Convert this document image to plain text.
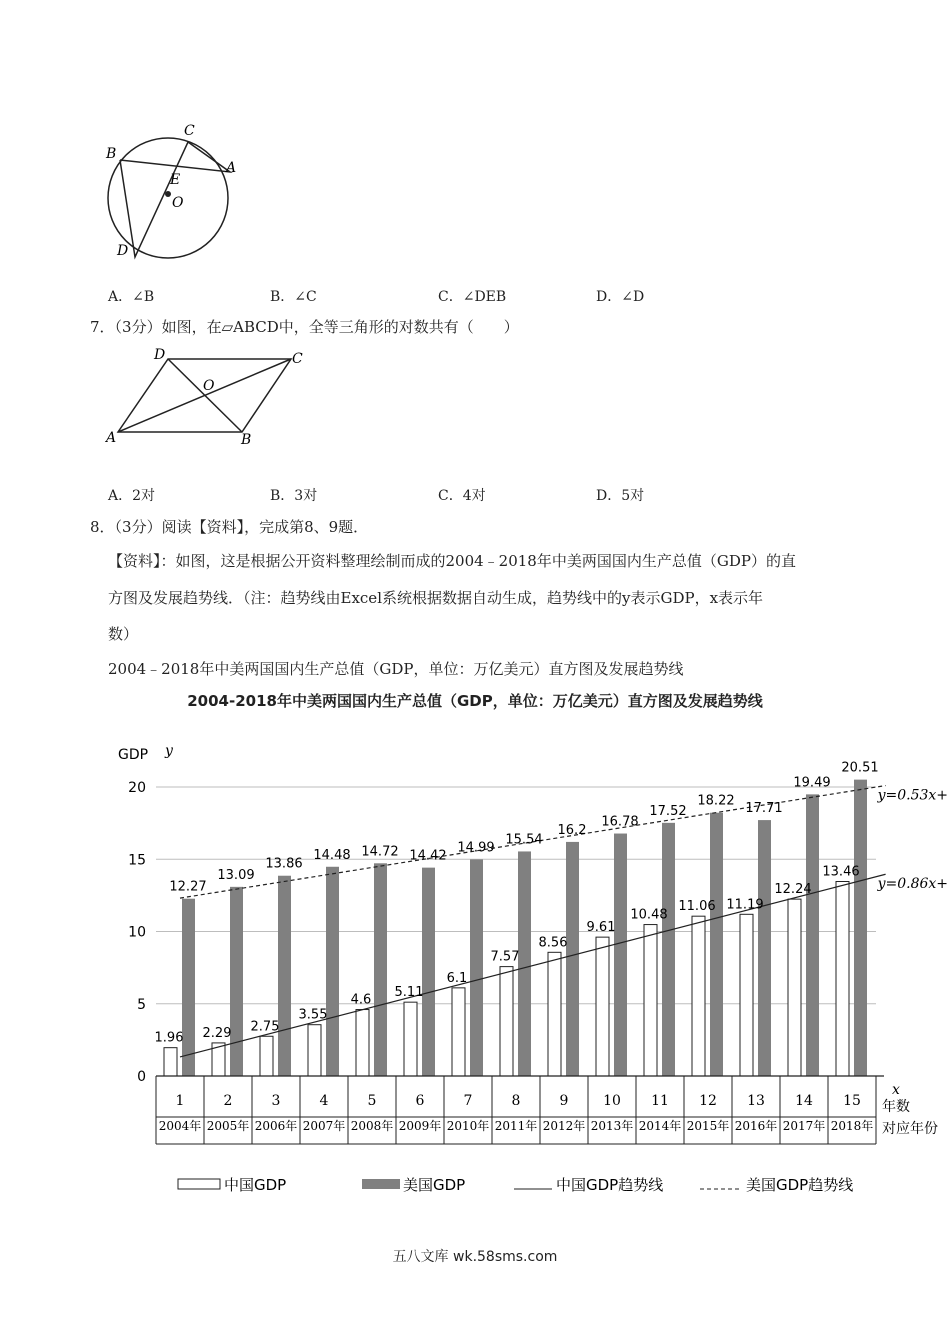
B
C
E
A
O
D
A．∠B	B．∠C	C．∠DEB	D．∠D
7．（3分）如图，在▱ABCD中，全等三角形的对数共有（　　）
D	C
O
A	B
A．2对	B．3对	C．4对	D．5对
8．（3分）阅读【资料】，完成第8、9题．
【资料】：如图，这是根据公开资料整理绘制而成的2004﹣2018年中美两国国内生产总值（GDP）的直
方图及发展趋势线．（注：趋势线由Excel系统根据数据自动生成，趋势线中的y表示GDP，x表示年
数）
2004﹣2018年中美两国国内生产总值（GDP，单位：万亿美元）直方图及发展趋势线
2004-2018年中美两国国内生产总值（GDP，单位：万亿美元）直方图及发展趋势线
0
5
10
15
20
1.96
12.27
1
2004年
2.29
13.09
2
2005年
2.75
13.86
3
2006年
3.55
14.48
4
2007年
4.6
14.72
5
2008年
5.11
14.42
6
2009年
6.1
14.99
7
2010年
7.57
15.54
8
2011年
8.56
16.2
9
2012年
9.61
16.78
10
2013年
10.48
17.52
11
2014年
11.06
18.22
12
2015年
11.19
17.71
13
2016年
12.24
19.49
14
2017年
13.46
20.51
15
2018年
GDP y
x
年数
对应年份
y=0.86x+
y=0.53x+
中国GDP	美国GDP	中国GDP趋势线	美国GDP趋势线
五八文库 wk.58sms.com
